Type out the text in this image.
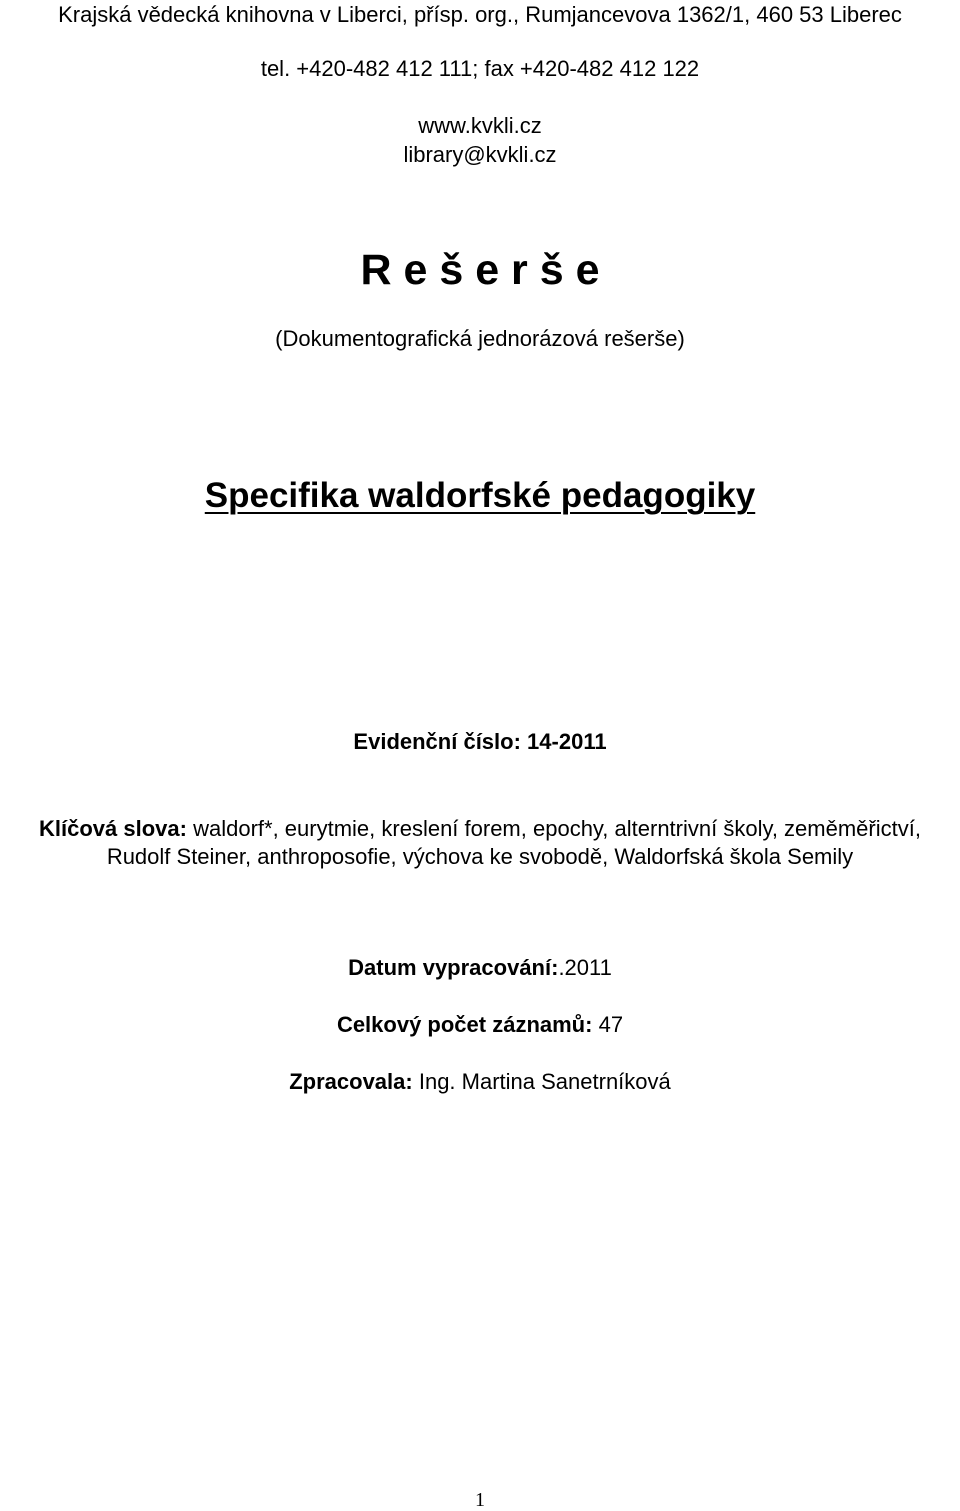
Krajská vědecká knihovna v Liberci, přísp. org., Rumjancevova 1362/1, 460 53 Liberec
tel. +420-482 412 111; fax +420-482 412 122
www.kvkli.cz
library@kvkli.cz
R e š e r š e
(Dokumentografická jednorázová rešerše)
Specifika waldorfské pedagogiky
Evidenční číslo: 14-2011
Klíčová slova: waldorf*, eurytmie, kreslení forem, epochy, alterntrivní školy, zeměměřictví, Rudolf Steiner, anthroposofie, výchova ke svobodě, Waldorfská škola Semily
Datum vypracování:.2011
Celkový počet záznamů: 47
Zpracovala: Ing. Martina Sanetrníková
1
